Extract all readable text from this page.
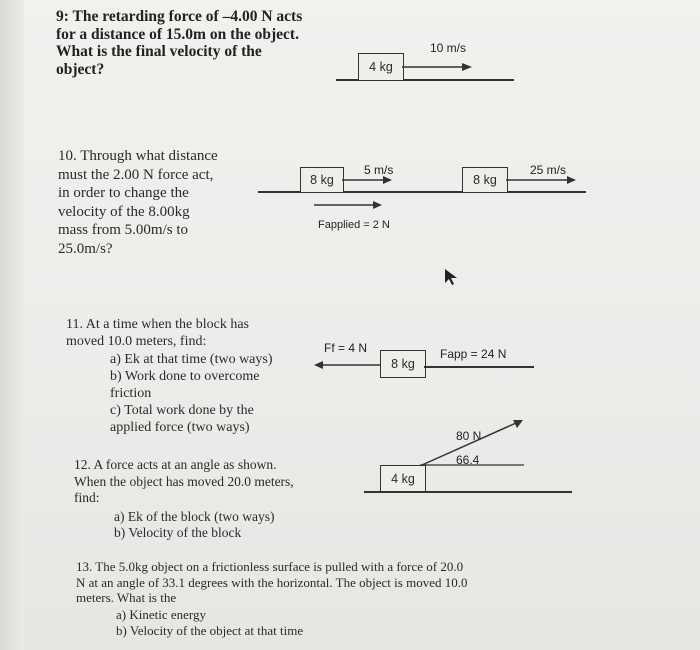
9: The retarding force of –4.00 N acts
for a distance of 15.0m on the object.
What is the final velocity of the
object?	4 kg
10 m/s
10. Through what distance
must the 2.00 N force act,
in order to change the
velocity of the 8.00kg
mass from 5.00m/s to
25.0m/s?
8 kg
5 m/s
8 kg
25 m/s
Fapplied = 2 N
11. At a time when the block has
moved 10.0 meters, find:
a) Ek at that time (two ways)
b) Work done to overcome
friction
c) Total work done by the
applied force (two ways)
Ff = 4 N
8 kg
Fapp = 24 N
12. A force acts at an angle as shown.
When the object has moved 20.0 meters,
find:
a) Ek of the block (two ways)
b) Velocity of the block
80 N
66.4
4 kg
13. The 5.0kg object on a frictionless surface is pulled with a force of 20.0
N at an angle of 33.1 degrees with the horizontal. The object is moved 10.0
meters. What is the
a) Kinetic energy
b) Velocity of the object at that time
